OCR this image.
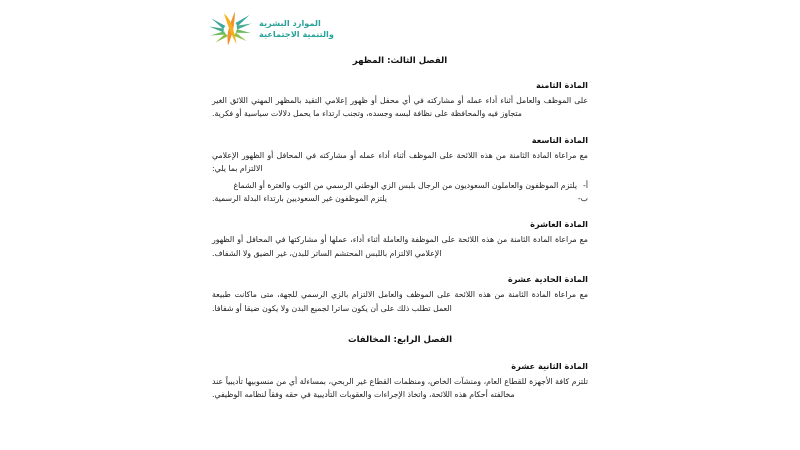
الموارد البشرية
والتنمية الاجتماعية
الفصل الثالث: المظهر
المادة الثامنة

على الموظف والعامل أثناء أداء عمله أو مشاركته في أي محفل أو ظهور إعلامي التقيد بالمظهر المهني اللائق الغير متجاوز فيه والمحافظة على نظافة لبسه وجسده، وتجنب ارتداء ما يحمل دلالات سياسية أو فكرية.

المادة التاسعة

مع مراعاة المادة الثامنة من هذه اللائحة على الموظف أثناء أداء عمله أو مشاركته في المحافل أو الظهور الإعلامي الالتزام بما يلي:

أ-
يلتزم الموظفون والعاملون السعوديون من الرجال بلبس الزي الوطني الرسمي من الثوب والغترة أو الشماغ
ب-
يلتزم الموظفون غير السعوديين بارتداء البدلة الرسمية.
المادة العاشرة

مع مراعاة المادة الثامنة من هذه اللائحة على الموظفة والعاملة أثناء أداء، عملها أو مشاركتها في المحافل أو الظهور الإعلامي الالتزام باللبس المحتشم الساتر للبدن، غير الضيق ولا الشفاف.

المادة الحادية عشرة

مع مراعاة المادة الثامنة من هذه اللائحة على الموظف والعامل الالتزام بالزي الرسمي للجهة، متى ماكانت طبيعة العمل تطلب ذلك على أن يكون ساترا لجميع البدن ولا يكون ضيقا أو شفافا.

الفصل الرابع: المخالفات
المادة الثانية عشرة

تلتزم كافة الأجهزة للقطاع العام، ومنشآت الخاص، ومنظمات القطاع غير الربحي، بمساءلة أي من منسوبيها تأديبياً عند مخالفته أحكام هذه اللائحة، واتخاذ الإجراءات والعقوبات التأديبية في حقه وفقاً لنظامه الوظيفي.
